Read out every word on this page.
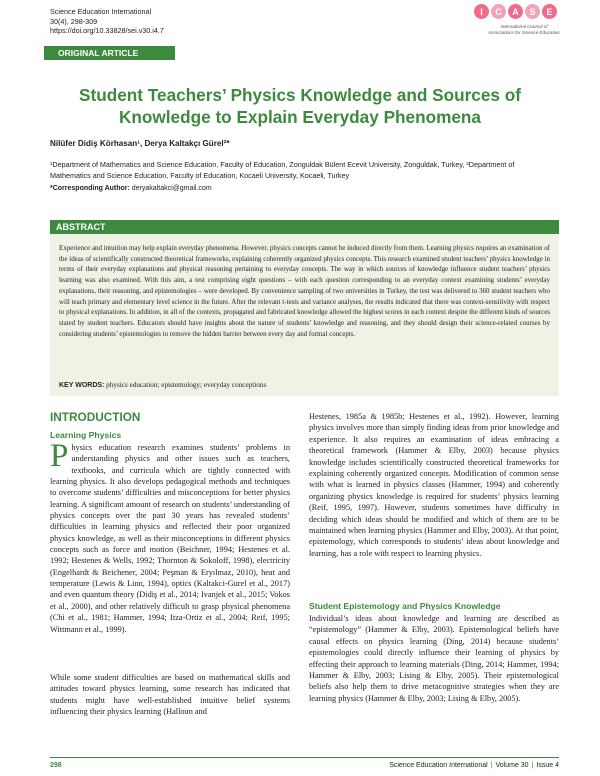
Science Education International
30(4), 298-309
https://doi.org/10.33828/sei.v30.i4.7
I	C	A	S	E
International Council of Associations for Science Education
ORIGINAL ARTICLE
Student Teachers’ Physics Knowledge and Sources of Knowledge to Explain Everyday Phenomena
Nilüfer Didiş Körhasan¹, Derya Kaltakçı Gürel²*
¹Department of Mathematics and Science Education, Faculty of Education, Zonguldak Bülent Ecevit University, Zonguldak, Turkey, ²Department of Mathematics and Science Education, Faculty of Education, Kocaeli University, Kocaeli, Turkey
*Corresponding Author: deryakaltakci@gmail.com
ABSTRACT

Experience and intuition may help explain everyday phenomena. However, physics concepts cannot be induced directly from them. Learning physics requires an examination of the ideas of scientifically constructed theoretical frameworks, explaining coherently organized physics concepts. This research examined student teachers’ physics knowledge in terms of their everyday explanations and physical reasoning pertaining to everyday concepts. The way in which sources of knowledge influence student teachers’ physics learning was also examined. With this aim, a test comprising eight questions – with each question corresponding to an everyday context examining students’ everyday explanations, their reasoning, and epistemologies – were developed. By convenience sampling of two universities in Turkey, the test was delivered to 360 student teachers who will teach primary and elementary level science in the future. After the relevant t-tests and variance analyses, the results indicated that there was context-sensitivity with respect to physical explanations. In addition, in all of the contexts, propagated and fabricated knowledge allowed the highest scores in each context despite the different kinds of sources stated by student teachers. Educators should have insights about the nature of students’ knowledge and reasoning, and they should design their science-related courses by considering students’ epistemologies to remove the hidden barrier between every day and formal concepts.

KEY WORDS: physics education; epistemology; everyday conceptions
INTRODUCTION
Learning Physics

Physics education research examines students’ problems in understanding physics and other issues such as teachers, textbooks, and curricula which are tightly connected with learning physics. It also develops pedagogical methods and techniques to overcome students’ difficulties and misconceptions for better physics learning. A significant amount of research on students’ understanding of physics concepts over the past 30 years has revealed students’ difficulties in learning physics and reflected their poor organized physics knowledge, as well as their misconceptions in different physics concepts such as force and motion (Beichner, 1994; Hestenes et al. 1992; Hestenes & Wells, 1992; Thornton & Sokoloff, 1998), electricity (Engelhardt & Beichener, 2004; Peşman & Eryılmaz, 2010), heat and temperature (Lewis & Linn, 1994), optics (Kaltakci-Gurel et al., 2017) and even quantum theory (Didiş et al., 2014; Ivanjek et al., 2015; Vokos et al., 2000), and other relatively difficult to grasp physical phenomena (Chi et al., 1981; Hammer, 1994; Itza-Ortiz et al., 2004; Reif, 1995; Wittmann et al., 1999).

While some student difficulties are based on mathematical skills and attitudes toward physics learning, some research has indicated that students might have well-established intuitive belief systems influencing their physics learning (Halloun and

Hestenes, 1985a & 1985b; Hestenes et al., 1992). However, learning physics involves more than simply finding ideas from prior knowledge and experience. It also requires an examination of ideas embracing a theoretical framework (Hammer & Elby, 2003) because physics knowledge includes scientifically constructed theoretical frameworks for explaining coherently organized concepts. Modification of common sense with what is learned in physics classes (Hammer, 1994) and coherently organizing physics knowledge is required for students’ physics learning (Reif, 1995, 1997). However, students sometimes have difficulty in deciding which ideas should be modified and which of them are to be maintained when learning physics (Hammer and Elby, 2003). At that point, epistemology, which corresponds to students’ ideas about knowledge and learning, has a role with respect to learning physics.

Student Epistemology and Physics Knowledge

Individual’s ideas about knowledge and learning are described as “epistemology” (Hammer & Elby, 2003). Epistemological beliefs have causal effects on physics learning (Ding, 2014) because students’ epistemologies could directly influence their learning of physics by effecting their approach to learning materials (Ding, 2014; Hammer, 1994; Hammer & Elby, 2003; Lising & Elby, 2005). Their epistemological beliefs also help them to drive metacognitive strategies when they are learning physics (Hammer & Elby, 2003; Lising & Elby, 2005).

298	Science Education International | Volume 30 | Issue 4
